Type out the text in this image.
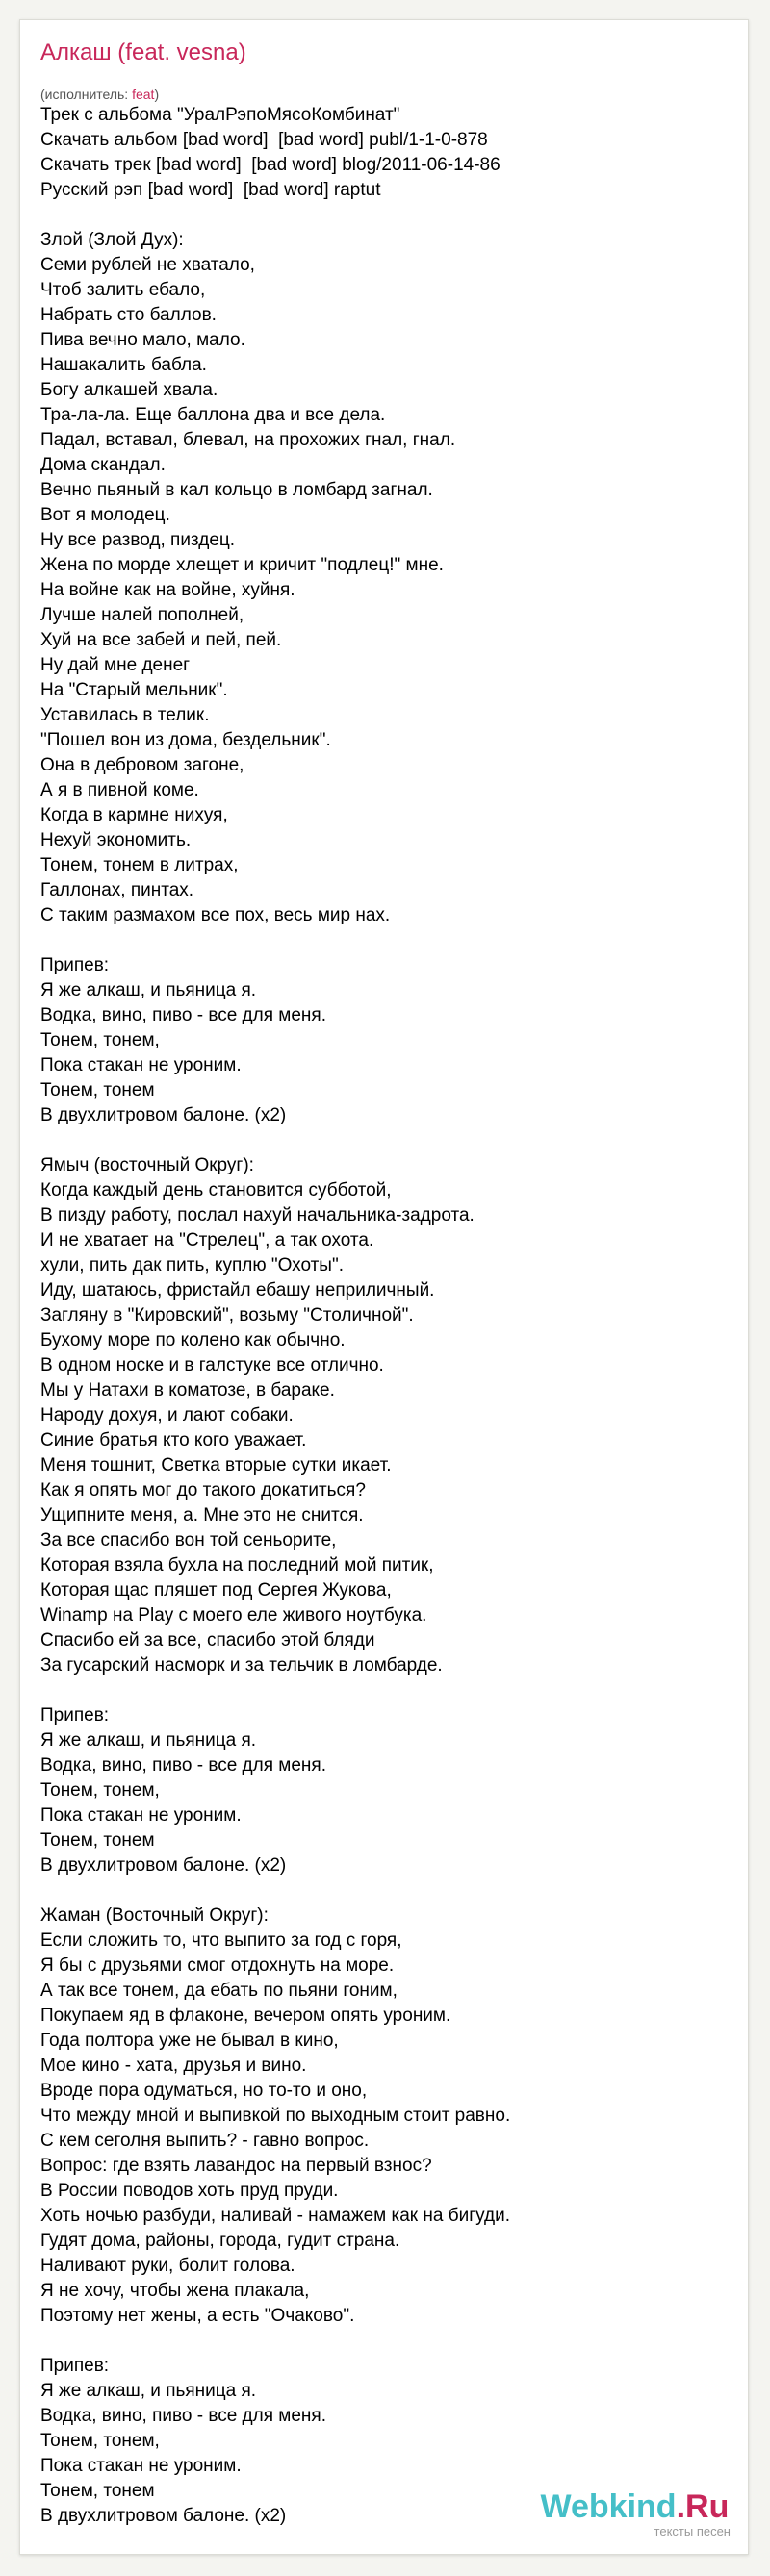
Алкаш (feat. vesna)
(исполнитель: feat)
Трек с альбома "УралРэпоМясоКомбинат"
Скачать альбом [bad word]  [bad word] publ/1-1-0-878
Скачать трек [bad word]  [bad word] blog/2011-06-14-86
Русский рэп [bad word]  [bad word] raptut

Злой (Злой Дух):
Семи рублей не хватало,
Чтоб залить ебало,
Набрать сто баллов.
Пива вечно мало, мало.
Нашакалить бабла.
Богу алкашей хвала.
Тра-ла-ла. Еще баллона два и все дела.
Падал, вставал, блевал, на прохожих гнал, гнал.
Дома скандал.
Вечно пьяный в кал кольцо в ломбард загнал.
Вот я молодец.
Ну все развод, пиздец.
Жена по морде хлещет и кричит "подлец!" мне.
На войне как на войне, хуйня.
Лучше налей пополней,
Хуй на все забей и пей, пей.
Ну дай мне денег
На "Старый мельник".
Уставилась в телик.
"Пошел вон из дома, бездельник".
Она в дебровом загоне,
А я в пивной коме.
Когда в кармне нихуя,
Нехуй экономить.
Тонем, тонем в литрах,
Галлонах, пинтах.
С таким размахом все пох, весь мир нах.

Припев:
Я же алкаш, и пьяница я.
Водка, вино, пиво - все для меня.
Тонем, тонем,
Пока стакан не уроним.
Тонем, тонем
В двухлитровом балоне. (x2)

Ямыч (восточный Округ):
Когда каждый день становится субботой,
В пизду работу, послал нахуй начальника-задрота.
И не хватает на "Стрелец", а так охота.
хули, пить дак пить, куплю "Охоты".
Иду, шатаюсь, фристайл ебашу неприличный.
Загляну в "Кировский", возьму "Столичной".
Бухому море по колено как обычно.
В одном носке и в галстуке все отлично.
Мы у Натахи в коматозе, в бараке.
Народу дохуя, и лают собаки.
Синие братья кто кого уважает.
Меня тошнит, Светка вторые сутки икает.
Как я опять мог до такого докатиться?
Ущипните меня, а. Мне это не снится.
За все спасибо вон той сеньорите,
Которая взяла бухла на последний мой питик,
Которая щас пляшет под Сергея Жукова,
Winamp на Play с моего еле живого ноутбука.
Спасибо ей за все, спасибо этой бляди
За гусарский насморк и за тельчик в ломбарде.

Припев:
Я же алкаш, и пьяница я.
Водка, вино, пиво - все для меня.
Тонем, тонем,
Пока стакан не уроним.
Тонем, тонем
В двухлитровом балоне. (x2)

Жаман (Восточный Округ):
Если сложить то, что выпито за год с горя,
Я бы с друзьями смог отдохнуть на море.
А так все тонем, да ебать по пьяни гоним,
Покупаем яд в флаконе, вечером опять уроним.
Года полтора уже не бывал в кино,
Мое кино - хата, друзья и вино.
Вроде пора одуматься, но то-то и оно,
Что между мной и выпивкой по выходным стоит равно.
С кем сеголня выпить? - гавно вопрос.
Вопрос: где взять лавандос на первый взнос?
В России поводов хоть пруд пруди.
Хоть ночью разбуди, наливай - намажем как на бигуди.
Гудят дома, районы, города, гудит страна.
Наливают руки, болит голова.
Я не хочу, чтобы жена плакала,
Поэтому нет жены, а есть "Очаково".

Припев:
Я же алкаш, и пьяница я.
Водка, вино, пиво - все для меня.
Тонем, тонем,
Пока стакан не уроним.
Тонем, тонем
В двухлитровом балоне. (x2)	Webkind.Ru
тексты песен
